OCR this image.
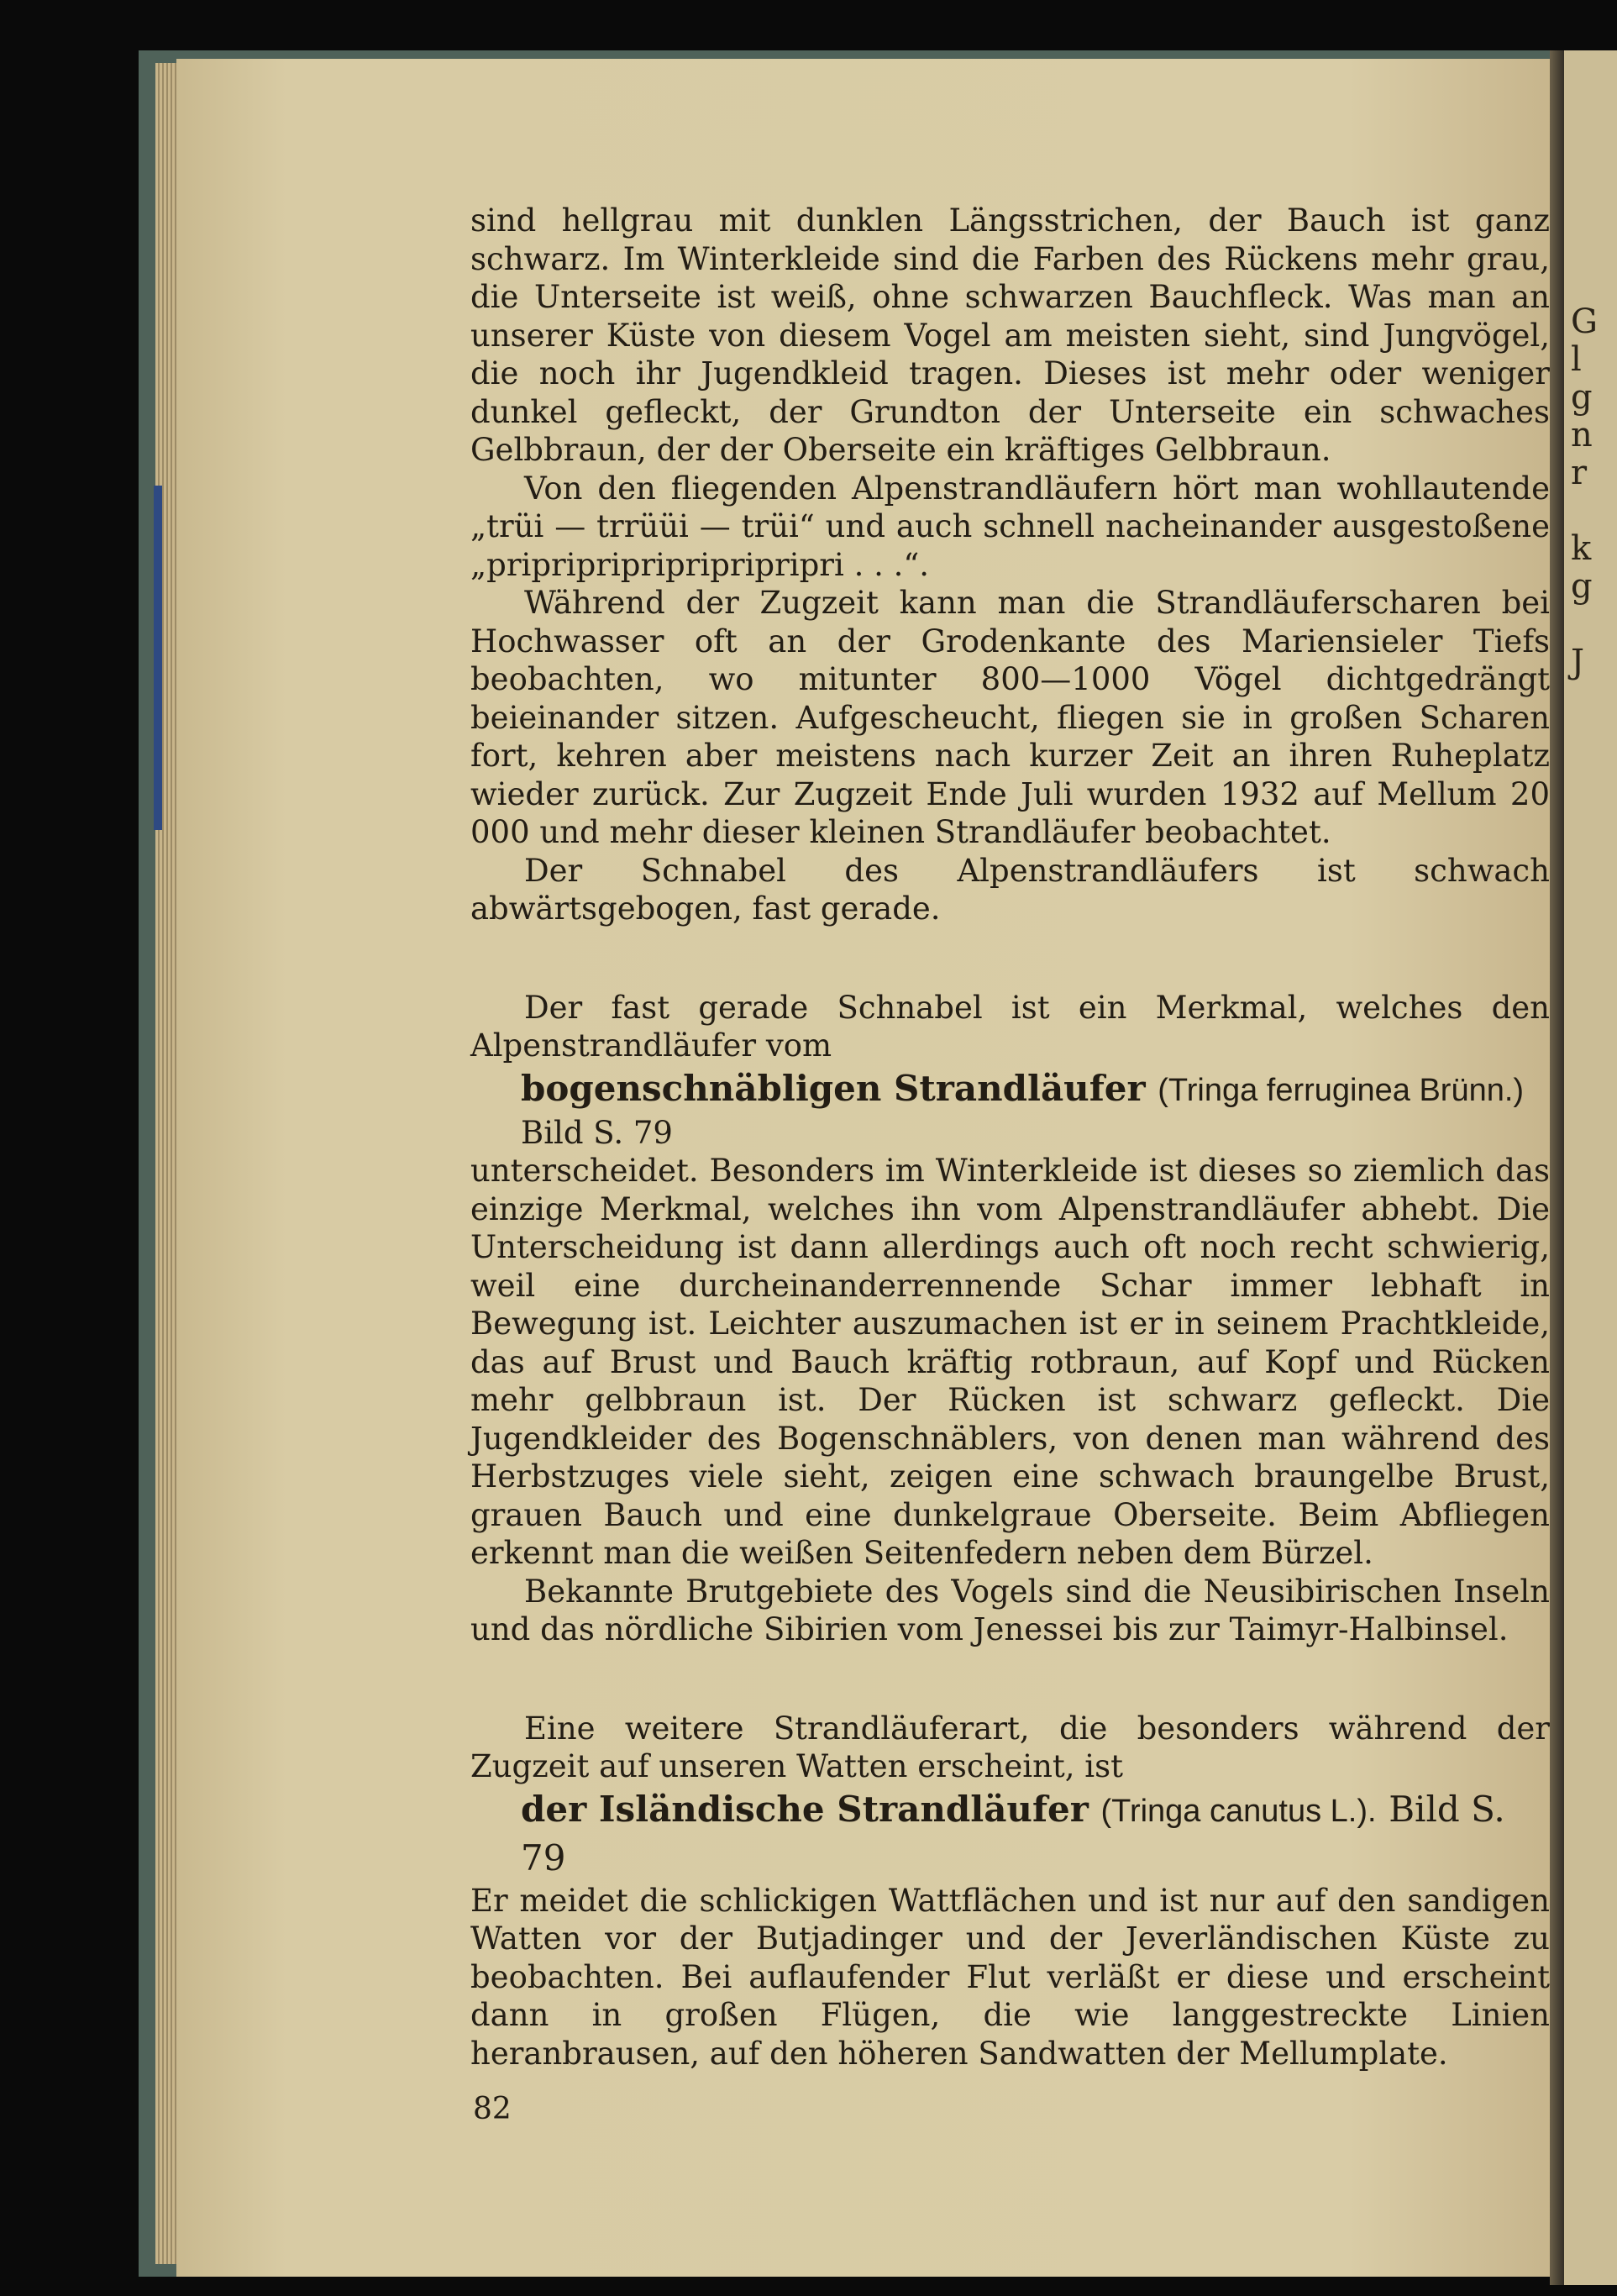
G
l
g
n
r
k
g
J

sind hellgrau mit dunklen Längsstrichen, der Bauch ist ganz schwarz. Im Winterkleide sind die Farben des Rückens mehr grau, die Unterseite ist weiß, ohne schwarzen Bauchfleck. Was man an unserer Küste von diesem Vogel am meisten sieht, sind Jungvögel, die noch ihr Jugendkleid tragen. Dieses ist mehr oder weniger dunkel gefleckt, der Grundton der Unterseite ein schwaches Gelbbraun, der der Oberseite ein kräftiges Gelbbraun.

Von den fliegenden Alpenstrandläufern hört man wohllautende „trüi — trrüüi — trüi“ und auch schnell nacheinander ausgestoßene „pripripripripripripripri . . .“.

Während der Zugzeit kann man die Strandläuferscharen bei Hochwasser oft an der Grodenkante des Mariensieler Tiefs beobachten, wo mitunter 800—1000 Vögel dichtgedrängt beieinander sitzen. Aufgescheucht, fliegen sie in großen Scharen fort, kehren aber meistens nach kurzer Zeit an ihren Ruheplatz wieder zurück. Zur Zugzeit Ende Juli wurden 1932 auf Mellum 20 000 und mehr dieser kleinen Strandläufer beobachtet.

Der Schnabel des Alpenstrandläufers ist schwach abwärtsgebogen, fast gerade.

Der fast gerade Schnabel ist ein Merkmal, welches den Alpenstrandläufer vom

bogenschnäbligen Strandläufer (Tringa ferruginea Brünn.)
Bild S. 79

unterscheidet. Besonders im Winterkleide ist dieses so ziemlich das einzige Merkmal, welches ihn vom Alpenstrandläufer abhebt. Die Unterscheidung ist dann allerdings auch oft noch recht schwierig, weil eine durcheinanderrennende Schar immer lebhaft in Bewegung ist. Leichter auszumachen ist er in seinem Prachtkleide, das auf Brust und Bauch kräftig rotbraun, auf Kopf und Rücken mehr gelbbraun ist. Der Rücken ist schwarz gefleckt. Die Jugendkleider des Bogenschnäblers, von denen man während des Herbstzuges viele sieht, zeigen eine schwach braungelbe Brust, grauen Bauch und eine dunkelgraue Oberseite. Beim Abfliegen erkennt man die weißen Seitenfedern neben dem Bürzel.

Bekannte Brutgebiete des Vogels sind die Neusibirischen Inseln und das nördliche Sibirien vom Jenessei bis zur Taimyr-Halbinsel.

Eine weitere Strandläuferart, die besonders während der Zugzeit auf unseren Watten erscheint, ist

der Isländische Strandläufer (Tringa canutus L.). Bild S. 79

Er meidet die schlickigen Wattflächen und ist nur auf den sandigen Watten vor der Butjadinger und der Jeverländischen Küste zu beobachten. Bei auflaufender Flut verläßt er diese und erscheint dann in großen Flügen, die wie langgestreckte Linien heranbrausen, auf den höheren Sandwatten der Mellumplate.

82
